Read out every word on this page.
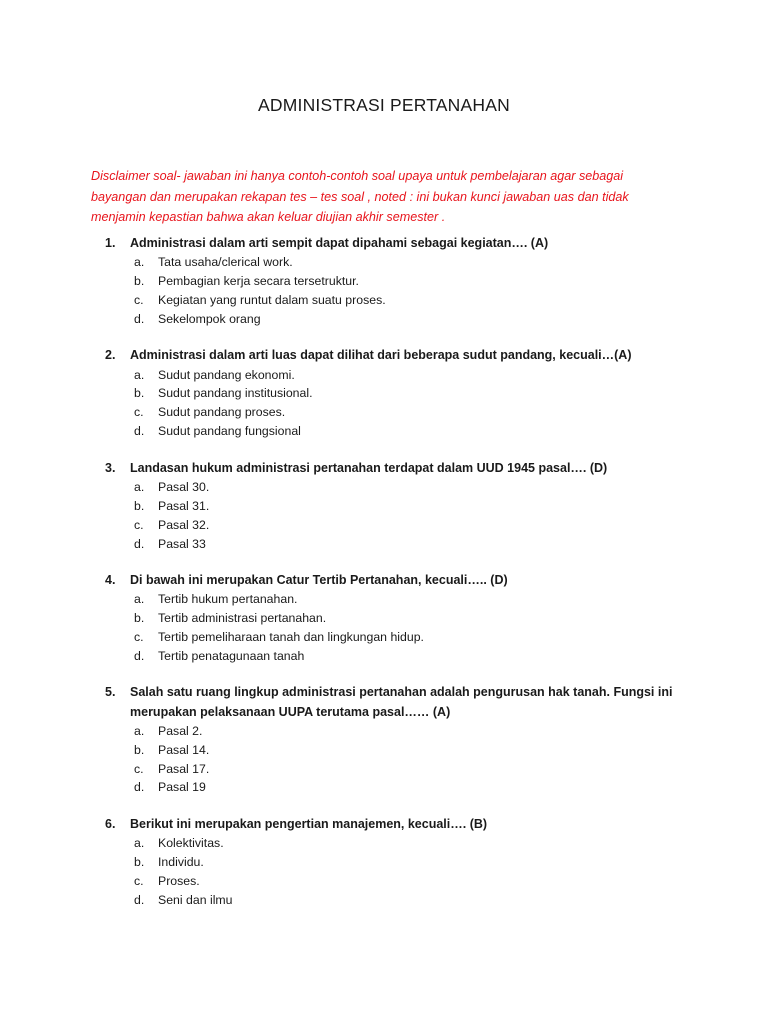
ADMINISTRASI PERTANAHAN

Disclaimer soal- jawaban ini hanya contoh-contoh soal upaya untuk pembelajaran agar sebagai bayangan dan merupakan rekapan tes – tes soal , noted : ini bukan kunci jawaban uas dan tidak menjamin kepastian bahwa akan keluar diujian akhir semester .

1. Administrasi dalam arti sempit dapat dipahami sebagai kegiatan…. (A)
a. Tata usaha/clerical work.
b. Pembagian kerja secara tersetruktur.
c. Kegiatan yang runtut dalam suatu proses.
d. Sekelompok orang
2. Administrasi dalam arti luas dapat dilihat dari beberapa sudut pandang, kecuali…(A)
a. Sudut pandang ekonomi.
b. Sudut pandang institusional.
c. Sudut pandang proses.
d. Sudut pandang fungsional
3. Landasan hukum administrasi pertanahan terdapat dalam UUD 1945 pasal…. (D)
a. Pasal 30.
b. Pasal 31.
c. Pasal 32.
d. Pasal 33
4. Di bawah ini merupakan Catur Tertib Pertanahan, kecuali….. (D)
a. Tertib hukum pertanahan.
b. Tertib administrasi pertanahan.
c. Tertib pemeliharaan tanah dan lingkungan hidup.
d. Tertib penatagunaan tanah
5. Salah satu ruang lingkup administrasi pertanahan adalah pengurusan hak tanah. Fungsi ini merupakan pelaksanaan UUPA terutama pasal…… (A)
a. Pasal 2.
b. Pasal 14.
c. Pasal 17.
d. Pasal 19
6. Berikut ini merupakan pengertian manajemen, kecuali…. (B)
a. Kolektivitas.
b. Individu.
c. Proses.
d. Seni dan ilmu
